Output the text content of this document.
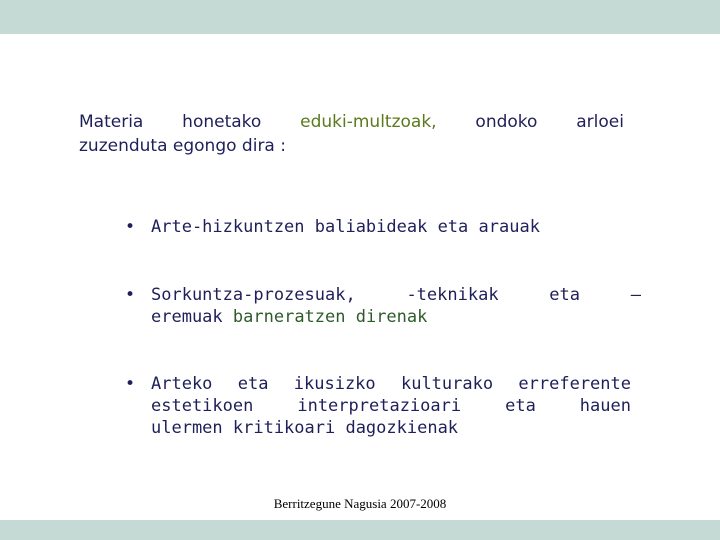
Materia honetako eduki-multzoak, ondoko arloei
zuzenduta egongo dira :
• Arte-hizkuntzen baliabideak eta arauak
• Sorkuntza-prozesuak,	-teknikak	eta	–
eremuak barneratzen direnak
• Arteko eta ikusizko kulturako erreferente
estetikoen	interpretazioari	eta	hauen
ulermen kritikoari dagozkienak
Berritzegune Nagusia 2007-2008
